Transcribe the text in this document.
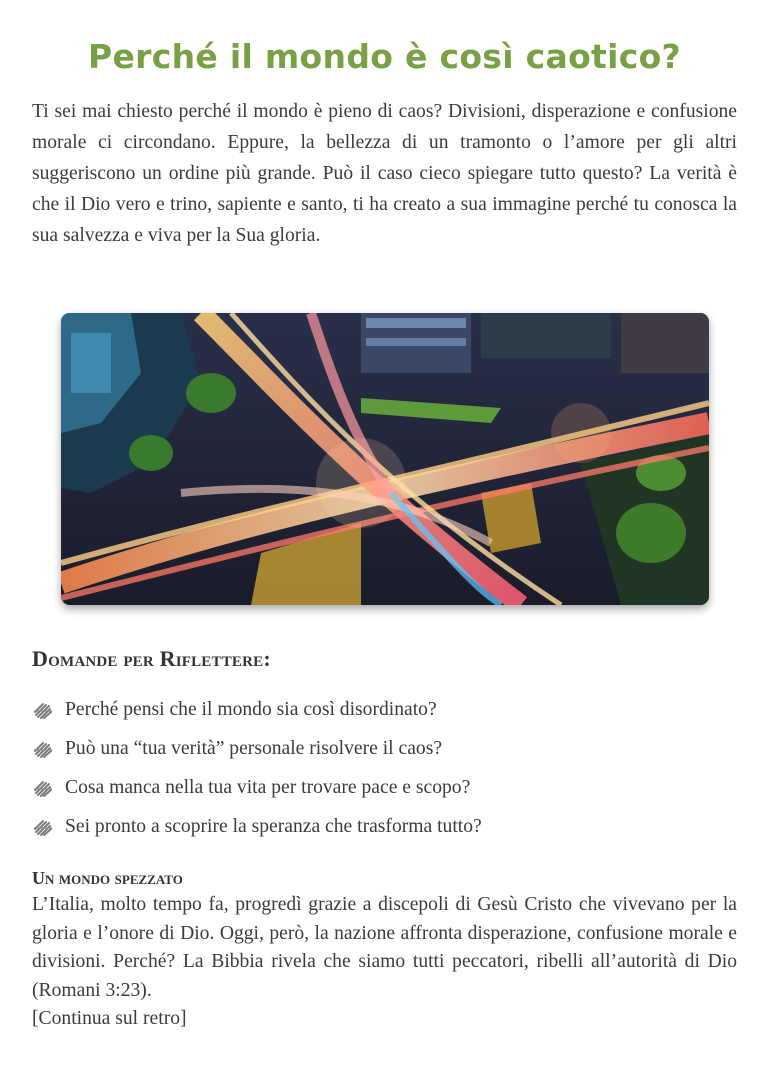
Perché il mondo è così caotico?

Ti sei mai chiesto perché il mondo è pieno di caos? Divisioni, disperazione e confusione morale ci circondano. Eppure, la bellezza di un tramonto o l’amore per gli altri suggeriscono un ordine più grande. Può il caso cieco spiegare tutto questo? La verità è che il Dio vero e trino, sapiente e santo, ti ha creato a sua immagine perché tu conosca la sua salvezza e viva per la Sua gloria.

Domande per Riflettere:
Perché pensi che il mondo sia così disordinato?
Può una “tua verità” personale risolvere il caos?
Cosa manca nella tua vita per trovare pace e scopo?
Sei pronto a scoprire la speranza che trasforma tutto?
Un mondo spezzato

L’Italia, molto tempo fa, progredì grazie a discepoli di Gesù Cristo che vivevano per la gloria e l’onore di Dio. Oggi, però, la nazione affronta disperazione, confusione morale e divisioni. Perché? La Bibbia rivela che siamo tutti peccatori, ribelli all’autorità di Dio (Romani 3:23).

[Continua sul retro]
